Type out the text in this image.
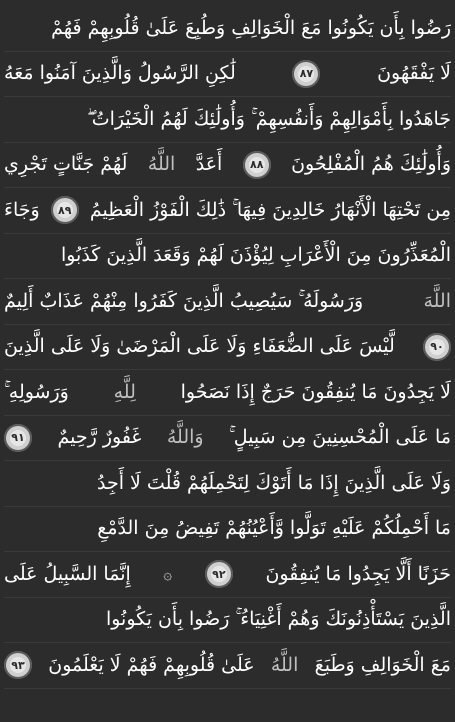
رَضُوا بِأَن يَكُونُوا مَعَ الْخَوَالِفِ وَطُبِعَ عَلَىٰ قُلُوبِهِمْ فَهُمْ
لَا يَفْقَهُونَ
٨٧
لَٰكِنِ الرَّسُولُ وَالَّذِينَ آمَنُوا مَعَهُ
جَاهَدُوا بِأَمْوَالِهِمْ وَأَنفُسِهِمْ ۚ وَأُولَٰئِكَ لَهُمُ الْخَيْرَاتُ ۖ
وَأُولَٰئِكَ هُمُ الْمُفْلِحُونَ
٨٨
أَعَدَّ
اللَّهُ
لَهُمْ جَنَّاتٍ تَجْرِي
مِن تَحْتِهَا الْأَنْهَارُ خَالِدِينَ فِيهَا ۚ ذَٰلِكَ الْفَوْزُ الْعَظِيمُ
٨٩
وَجَاءَ
الْمُعَذِّرُونَ مِنَ الْأَعْرَابِ لِيُؤْذَنَ لَهُمْ وَقَعَدَ الَّذِينَ كَذَبُوا
اللَّهَ
وَرَسُولَهُ ۚ سَيُصِيبُ الَّذِينَ كَفَرُوا مِنْهُمْ عَذَابٌ أَلِيمٌ
٩٠
لَّيْسَ عَلَى الضُّعَفَاءِ وَلَا عَلَى الْمَرْضَىٰ وَلَا عَلَى الَّذِينَ
لَا يَجِدُونَ مَا يُنفِقُونَ حَرَجٌ إِذَا نَصَحُوا
لِلَّهِ
وَرَسُولِهِ ۚ
مَا عَلَى الْمُحْسِنِينَ مِن سَبِيلٍ ۚ
وَاللَّهُ
غَفُورٌ رَّحِيمٌ
٩١
وَلَا عَلَى الَّذِينَ إِذَا مَا أَتَوْكَ لِتَحْمِلَهُمْ قُلْتَ لَا أَجِدُ
مَا أَحْمِلُكُمْ عَلَيْهِ تَوَلَّوا وَّأَعْيُنُهُمْ تَفِيضُ مِنَ الدَّمْعِ
حَزَنًا أَلَّا يَجِدُوا مَا يُنفِقُونَ
٩٢
۞
إِنَّمَا السَّبِيلُ عَلَى
الَّذِينَ يَسْتَأْذِنُونَكَ وَهُمْ أَغْنِيَاءُ ۚ رَضُوا بِأَن يَكُونُوا
مَعَ الْخَوَالِفِ وَطَبَعَ
اللَّهُ
عَلَىٰ قُلُوبِهِمْ فَهُمْ لَا يَعْلَمُونَ
٩٣
